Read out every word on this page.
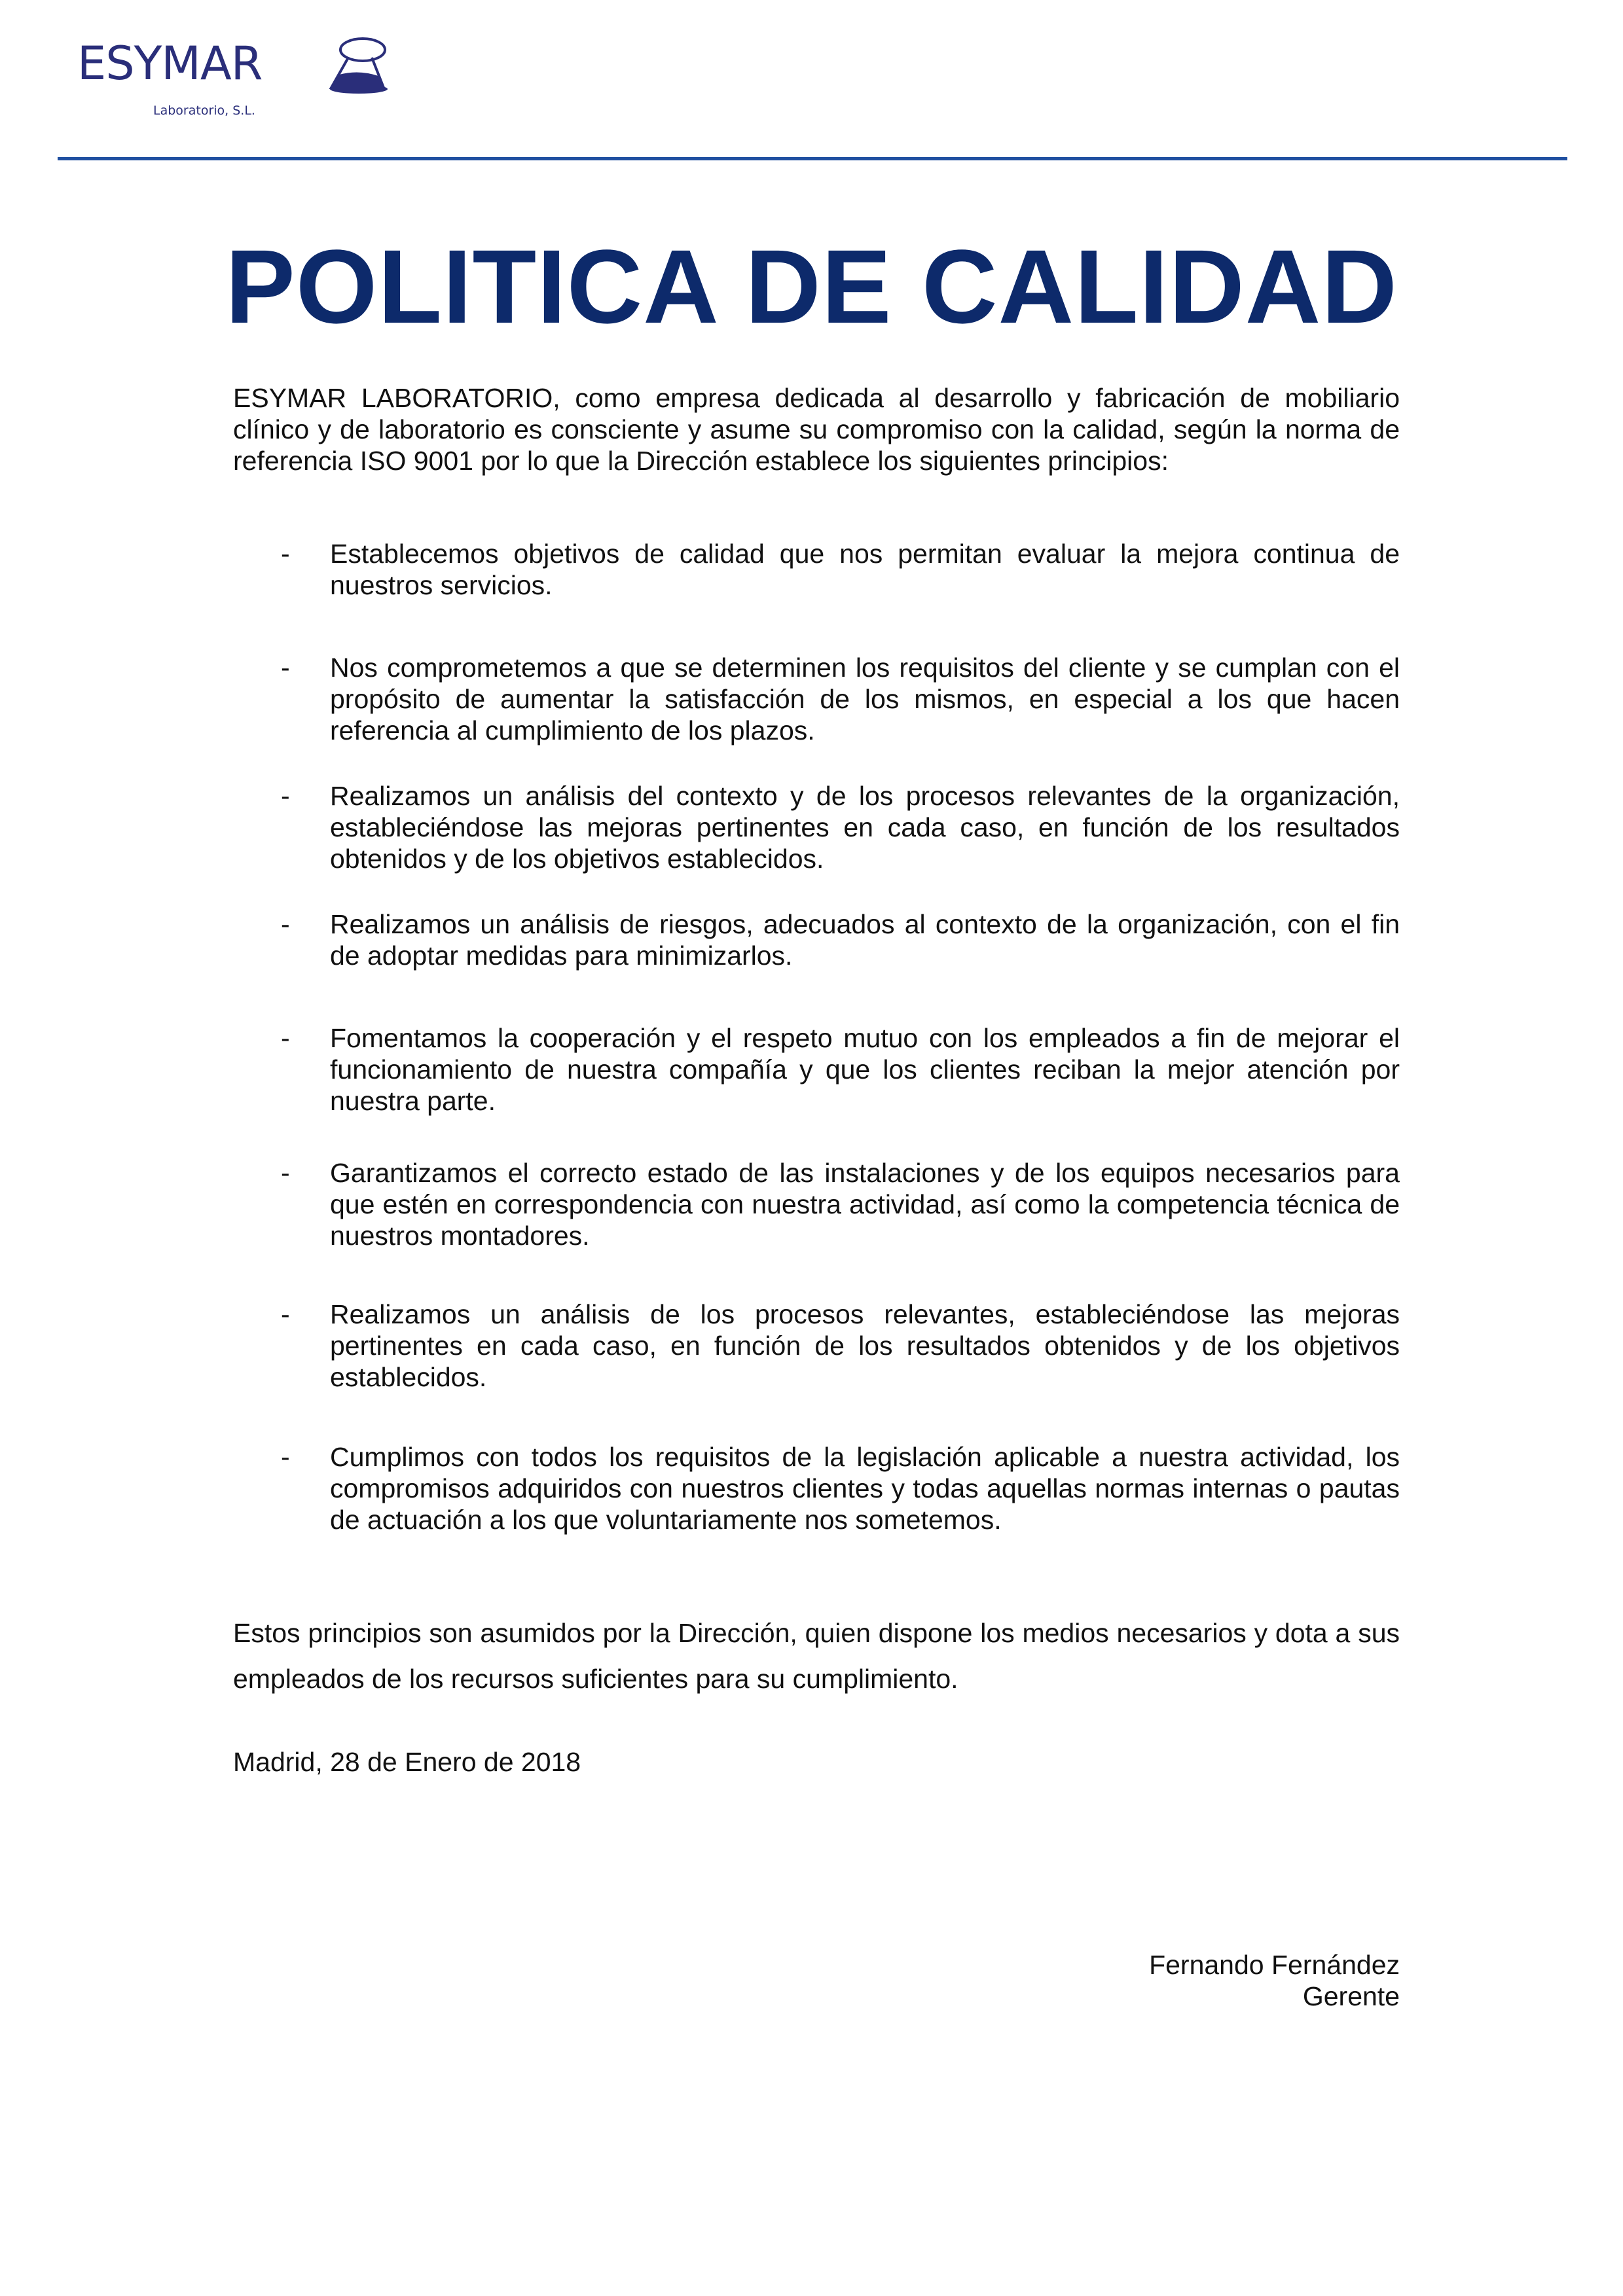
ESYMAR
Laboratorio, S.L.
POLITICA DE CALIDAD

ESYMAR LABORATORIO, como empresa dedicada al desarrollo y fabricación de mobiliario clínico y de laboratorio es consciente y asume su compromiso con la calidad, según la norma de referencia ISO 9001 por lo que la Dirección establece los siguientes principios:

- Establecemos objetivos de calidad que nos permitan evaluar la mejora continua de nuestros servicios.
- Nos comprometemos a que se determinen los requisitos del cliente y se cumplan con el propósito de aumentar la satisfacción de los mismos, en especial a los que hacen referencia al cumplimiento de los plazos.
- Realizamos un análisis del contexto y de los procesos relevantes de la organización, estableciéndose las mejoras pertinentes en cada caso, en función de los resultados obtenidos y de los objetivos establecidos.
- Realizamos un análisis de riesgos, adecuados al contexto de la organización, con el fin de adoptar medidas para minimizarlos.
- Fomentamos la cooperación y el respeto mutuo con los empleados a fin de mejorar el funcionamiento de nuestra compañía y que los clientes reciban la mejor atención por nuestra parte.
- Garantizamos el correcto estado de las instalaciones y de los equipos necesarios para que estén en correspondencia con nuestra actividad, así como la competencia técnica de nuestros montadores.
- Realizamos un análisis de los procesos relevantes, estableciéndose las mejoras pertinentes en cada caso, en función de los resultados obtenidos y de los objetivos establecidos.
- Cumplimos con todos los requisitos de la legislación aplicable a nuestra actividad, los compromisos adquiridos con nuestros clientes y todas aquellas normas internas o pautas de actuación a los que voluntariamente nos sometemos.

Estos principios son asumidos por la Dirección, quien dispone los medios necesarios y dota a sus empleados de los recursos suficientes para su cumplimiento.

Madrid, 28 de Enero de 2018

Fernando Fernández
Gerente
